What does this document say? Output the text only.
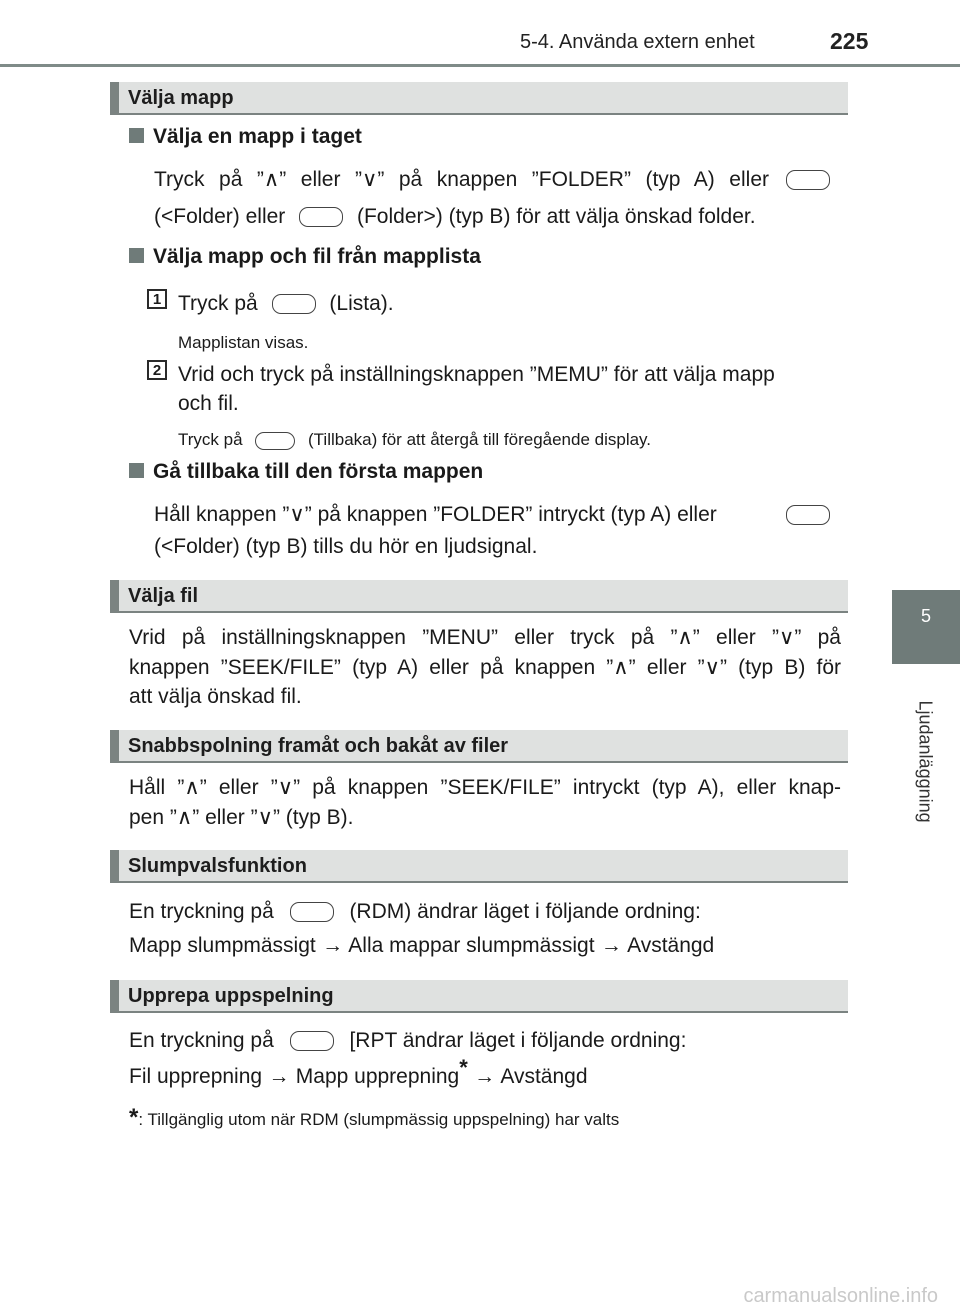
5-4. Använda extern enhet	225
5
Ljudanläggning
Välja mapp
Välja en mapp i taget
Tryck på ”∧” eller ”∨” på knappen ”FOLDER” (typ A) eller
(<Folder) eller	(Folder>) (typ B) för att välja önskad folder.
Välja mapp och fil från mapplista
1 Tryck på	(Lista).
Mapplistan visas.
2 Vrid och tryck på inställningsknappen ”MEMU” för att välja mapp
och fil.
Tryck på	(Tillbaka) för att återgå till föregående display.
Gå tillbaka till den första mappen
Håll knappen ”∨” på knappen ”FOLDER” intryckt (typ A) eller
(<Folder) (typ B) tills du hör en ljudsignal.
Välja fil
Vrid på inställningsknappen ”MENU” eller tryck på ”∧” eller ”∨” på
knappen ”SEEK/FILE” (typ A) eller på knappen ”∧” eller ”∨” (typ B) för
att välja önskad fil.
Snabbspolning framåt och bakåt av filer
Håll ”∧” eller ”∨” på knappen ”SEEK/FILE” intryckt (typ A), eller knap-
pen ”∧” eller ”∨” (typ B).
Slumpvalsfunktion
En tryckning på	(RDM) ändrar läget i följande ordning:
Mapp slumpmässigt → Alla mappar slumpmässigt → Avstängd
Upprepa uppspelning
En tryckning på	[RPT ändrar läget i följande ordning:
Fil upprepning → Mapp upprepning* → Avstängd
*: Tillgänglig utom när RDM (slumpmässig uppspelning) har valts
carmanualsonline.info
